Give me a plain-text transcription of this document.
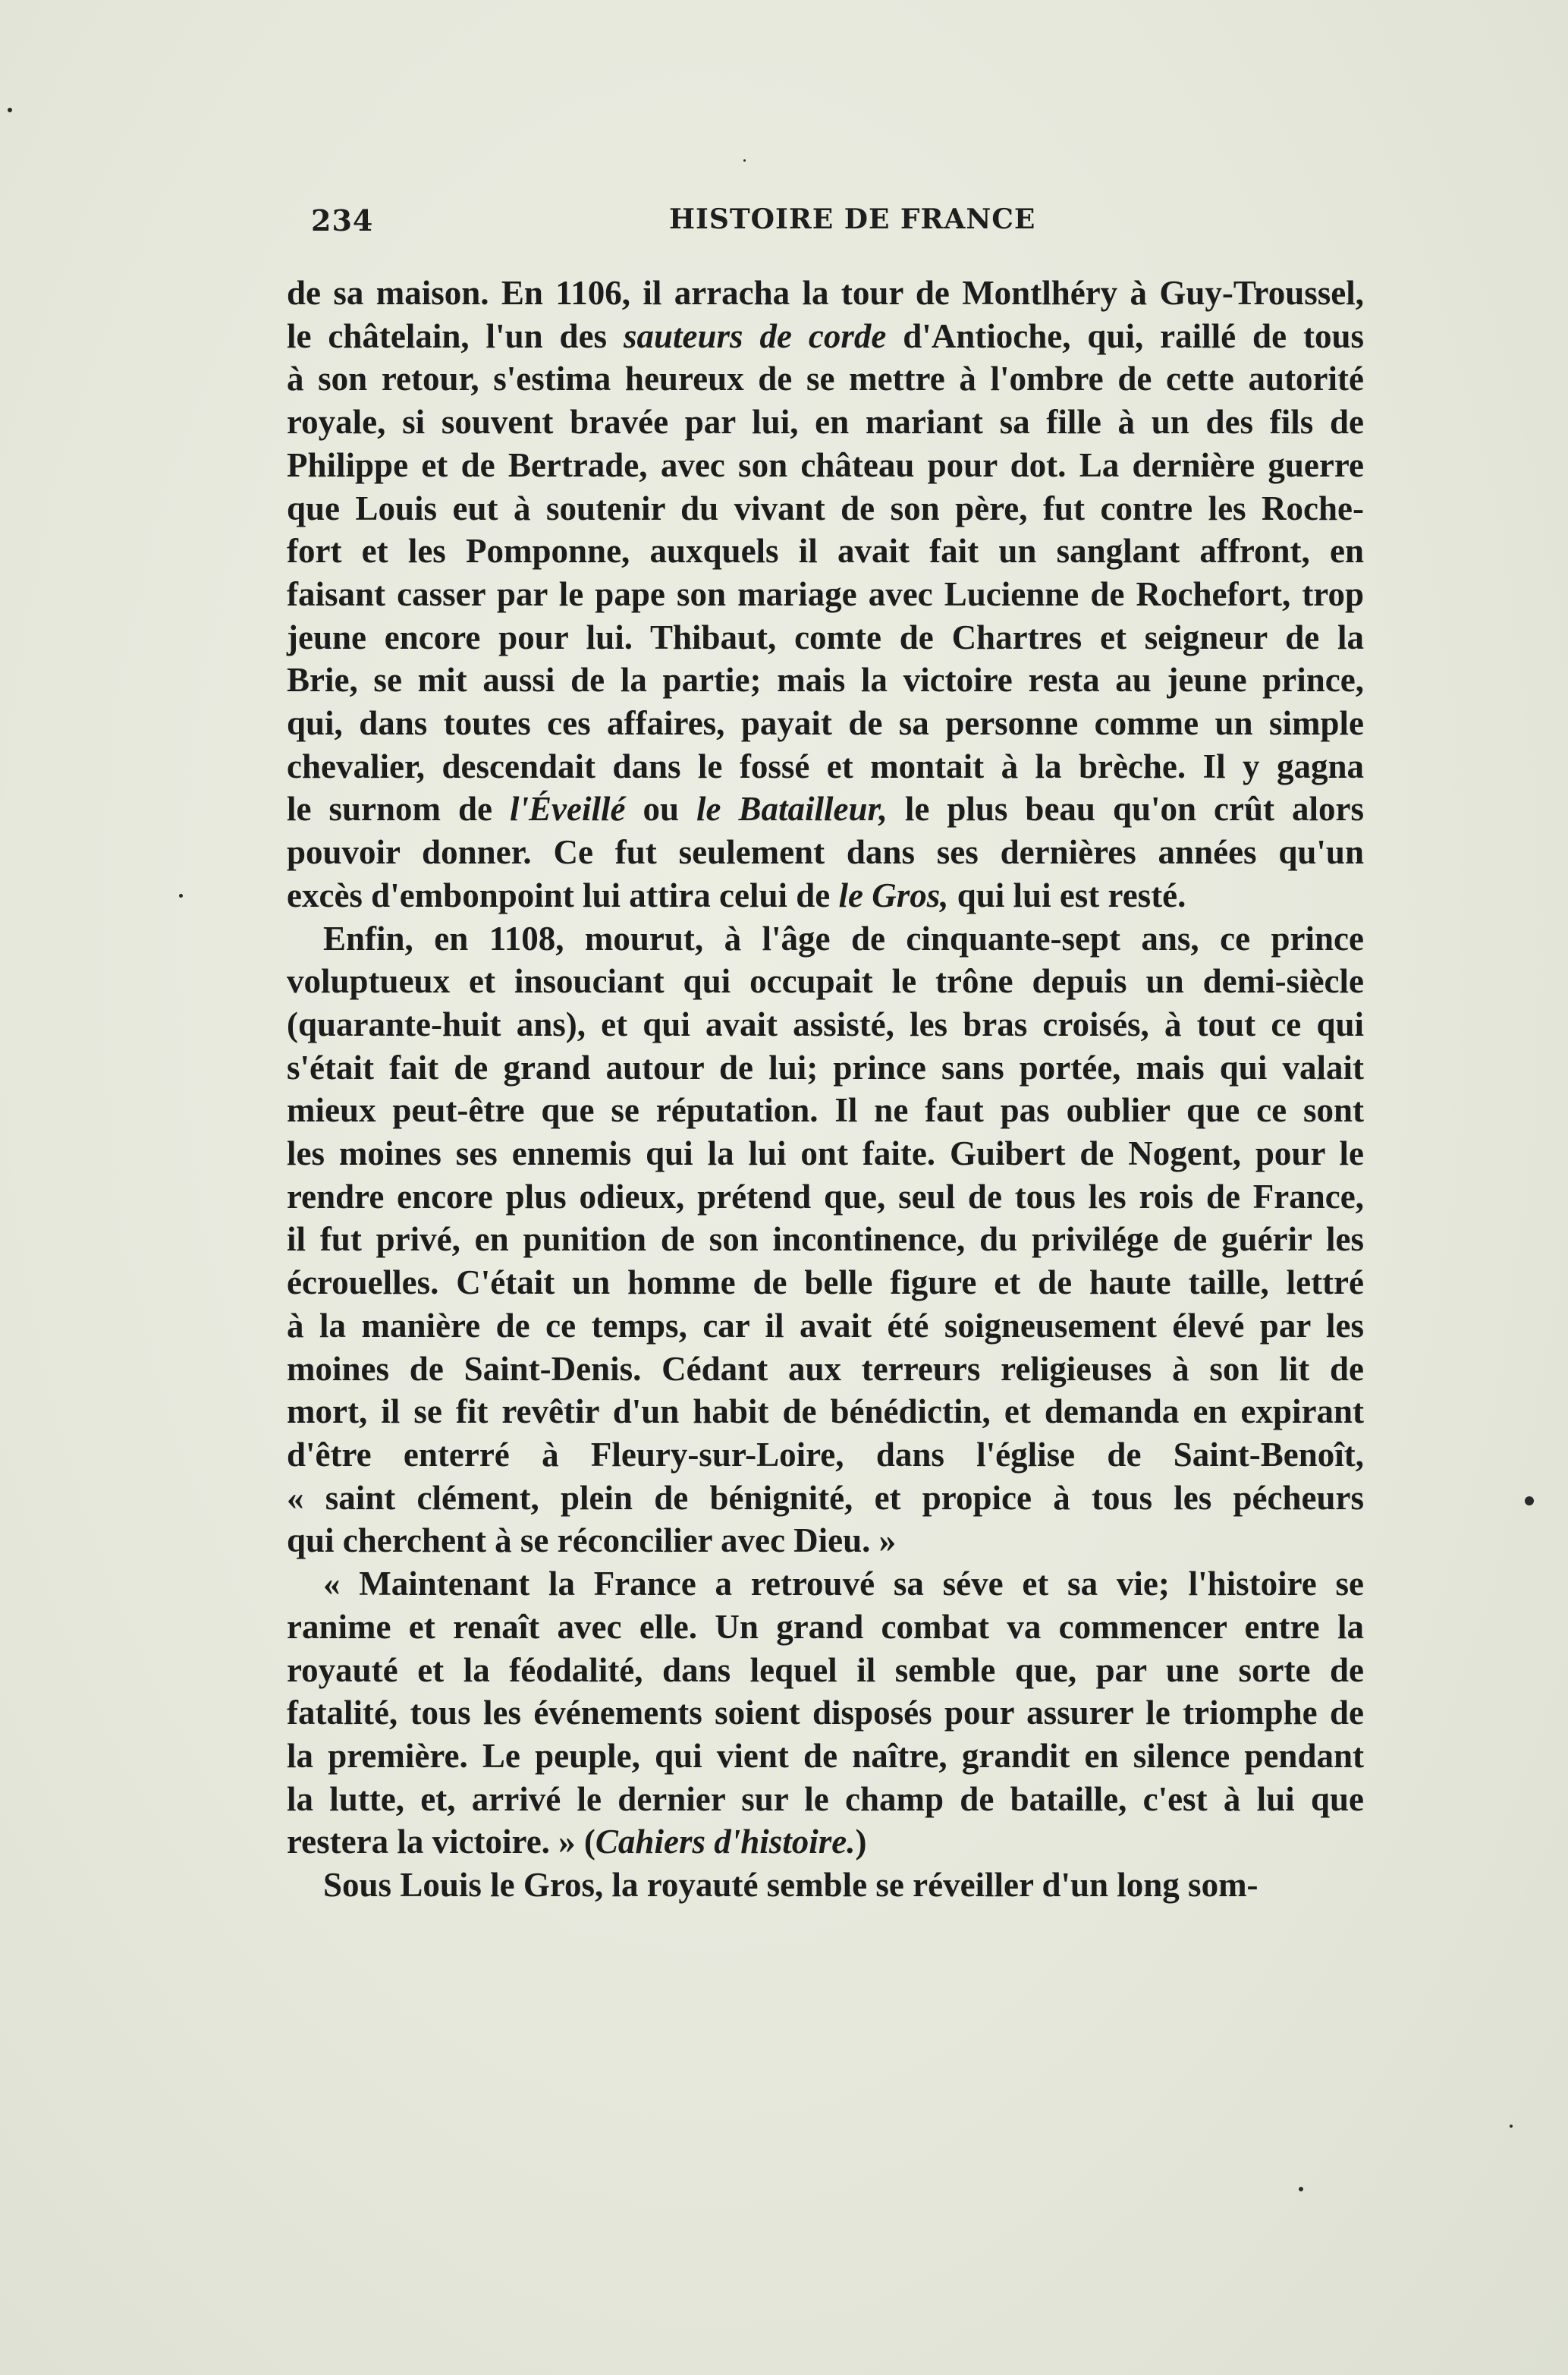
234	HISTOIRE DE FRANCE
de sa maison. En 1106, il arracha la tour de Montlhéry à Guy-Troussel,
le châtelain, l'un des sauteurs de corde d'Antioche, qui, raillé de tous
à son retour, s'estima heureux de se mettre à l'ombre de cette autorité
royale, si souvent bravée par lui, en mariant sa fille à un des fils de
Philippe et de Bertrade, avec son château pour dot. La dernière guerre
que Louis eut à soutenir du vivant de son père, fut contre les Roche-
fort et les Pomponne, auxquels il avait fait un sanglant affront, en
faisant casser par le pape son mariage avec Lucienne de Rochefort, trop
jeune encore pour lui. Thibaut, comte de Chartres et seigneur de la
Brie, se mit aussi de la partie; mais la victoire resta au jeune prince,
qui, dans toutes ces affaires, payait de sa personne comme un simple
chevalier, descendait dans le fossé et montait à la brèche. Il y gagna
le surnom de l'Éveillé ou le Batailleur, le plus beau qu'on crût alors
pouvoir donner. Ce fut seulement dans ses dernières années qu'un
excès d'embonpoint lui attira celui de le Gros, qui lui est resté.
Enfin, en 1108, mourut, à l'âge de cinquante-sept ans, ce prince
voluptueux et insouciant qui occupait le trône depuis un demi-siècle
(quarante-huit ans), et qui avait assisté, les bras croisés, à tout ce qui
s'était fait de grand autour de lui; prince sans portée, mais qui valait
mieux peut-être que se réputation. Il ne faut pas oublier que ce sont
les moines ses ennemis qui la lui ont faite. Guibert de Nogent, pour le
rendre encore plus odieux, prétend que, seul de tous les rois de France,
il fut privé, en punition de son incontinence, du privilége de guérir les
écrouelles. C'était un homme de belle figure et de haute taille, lettré
à la manière de ce temps, car il avait été soigneusement élevé par les
moines de Saint-Denis. Cédant aux terreurs religieuses à son lit de
mort, il se fit revêtir d'un habit de bénédictin, et demanda en expirant
d'être enterré à Fleury-sur-Loire, dans l'église de Saint-Benoît,
« saint clément, plein de bénignité, et propice à tous les pécheurs
qui cherchent à se réconcilier avec Dieu. »
« Maintenant la France a retrouvé sa séve et sa vie; l'histoire se
ranime et renaît avec elle. Un grand combat va commencer entre la
royauté et la féodalité, dans lequel il semble que, par une sorte de
fatalité, tous les événements soient disposés pour assurer le triomphe de
la première. Le peuple, qui vient de naître, grandit en silence pendant
la lutte, et, arrivé le dernier sur le champ de bataille, c'est à lui que
restera la victoire. » (Cahiers d'histoire.)
Sous Louis le Gros, la royauté semble se réveiller d'un long som-
